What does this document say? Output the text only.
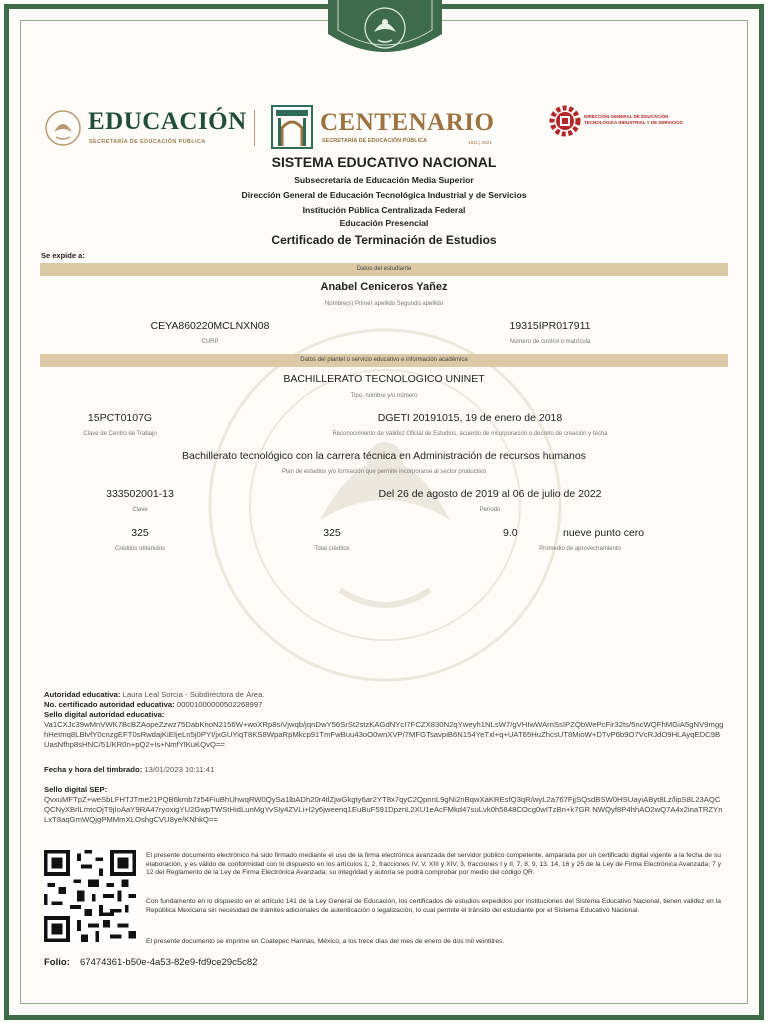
EDUCACIÓN
SECRETARÍA DE EDUCACIÓN PÚBLICA
CENTENARIO
SECRETARÍA DE EDUCACIÓN PÚBLICA	1921 | 2021
DIRECCIÓN GENERAL DE EDUCACIÓN TECNOLÓGICA INDUSTRIAL Y DE SERVICIOS
SISTEMA EDUCATIVO NACIONAL
Subsecretaría de Educación Media Superior
Dirección General de Educación Tecnológica Industrial y de Servicios
Institución Pública Centralizada Federal
Educación Presencial
Certificado de Terminación de Estudios
Se expide a:
Datos del estudiante
Anabel Ceniceros Yañez
Nombre(s) Primer apellido Segundo apellido
CEYA860220MCLNXN08
CURP
19315IPR017911
Número de control o matrícula
Datos del plantel o servicio educativo e información académica
BACHILLERATO TECNOLOGICO UNINET
Tipo, nombre y/o número
15PCT0107G
Clave de Centro de Trabajo
DGETI 20191015, 19 de enero de 2018
Reconocimiento de Validez Oficial de Estudios, acuerdo de incorporación o decreto de creación y fecha
Bachillerato tecnológico con la carrera técnica en Administración de recursos humanos
Plan de estudios y/o formación que permite incorporarse al sector productivo
333502001-13
Clave
Del 26 de agosto de 2019 al 06 de julio de 2022
Periodo
325
Créditos obtenidos
325
Total créditos
9.0	nueve punto cero
Promedio de aprovechamiento
Autoridad educativa: Laura Leal Sorcia - Subdirectora de Área.
No. certificado autoridad educativa: 00001000000502268997
Sello digital autoridad educativa:
Va1CXJc39wMnVWK7BcBZAopeZzwz75DabKnoN2156W+woXRp8siVjwqb/jqnDwY56SrSt2stzKAGdNYcI7FCZX830N2qYweyh1NLsW7/gVHIwWArnSsIPZQbWePcFir32ts/5ncWQFhMGiA5gNV9mgghHeImq8LBlvfY0cnzgEFT0sRwdajKiEIjeLn5j0PYI/jxGUYiqT8KS8WpaRpMkcp91TmFwBuu43oO0wnXVP/7MFGTsavpiB6N154YeTxl+q+UAT65HuZhcsUT8MioW+DTvP6b9O7VcRJdO9HLAyqEDC9BUasNfhp8sHNC/51/KR0n+pQ2+Is+NmfYlKuKQvQ==
Fecha y hora del timbrado: 13/01/2023 10:11:41
Sello digital SEP:
QvxuMFTpZ+weSbLFHTJTme21PQB6kmb7z54FiuBhUhwqRW0QySa1lbADh20r4tlZjwGkgty6ar2YT8x7qyC2QpnnL9gNi2nBqwXaKREsfQ3qR/wyL2a767FjjSQsdBSW0HSUayiAByt8Lz/lipS8L23AQCQCNyXBrlLmtcOjT9jIoAaY9RA47ryoxigYU2GwpTWStHidLunMgYvSIy4ZVLi+I2y6jweenq1EuBuF591DpznL2XU1eAcFMkd47suLvk0h5848COcg0wITzBn+k7GR NWQyf8P4hhAO2wQ7A4x2inaTRZYnLxT8aqGmWQjgPMMmXLOshgCVU8ye/KNhkQ==
El presente documento electrónico ha sido firmado mediante el uso de la firma electrónica avanzada del servidor público competente, amparada por un certificado digital vigente a la fecha de su elaboración, y es válido de conformidad con lo dispuesto en los artículos 1, 2, fracciones IV, V, XIII y XIV, 3, fracciones I y II, 7, 8, 9, 13, 14, 16 y 25 de la Ley de Firma Electrónica Avanzada; 7 y 12 del Reglamento de la Ley de Firma Electrónica Avanzada; su integridad y autoría se podrá comprobar por medio del código QR.
Con fundamento en lo dispuesto en el artículo 141 de la Ley General de Educación, los certificados de estudios expedidos por instituciones del Sistema Educativo Nacional, tienen validez en la República Mexicana sin necesidad de trámites adicionales de autenticación o legalización, lo cual permite el tránsito del estudiante por el Sistema Educativo Nacional.
El presente documento se imprime en Coatepec Harinas, México, a los trece días del mes de enero de dos mil veintitres.
Folio: 67474361-b50e-4a53-82e9-fd9ce29c5c82
